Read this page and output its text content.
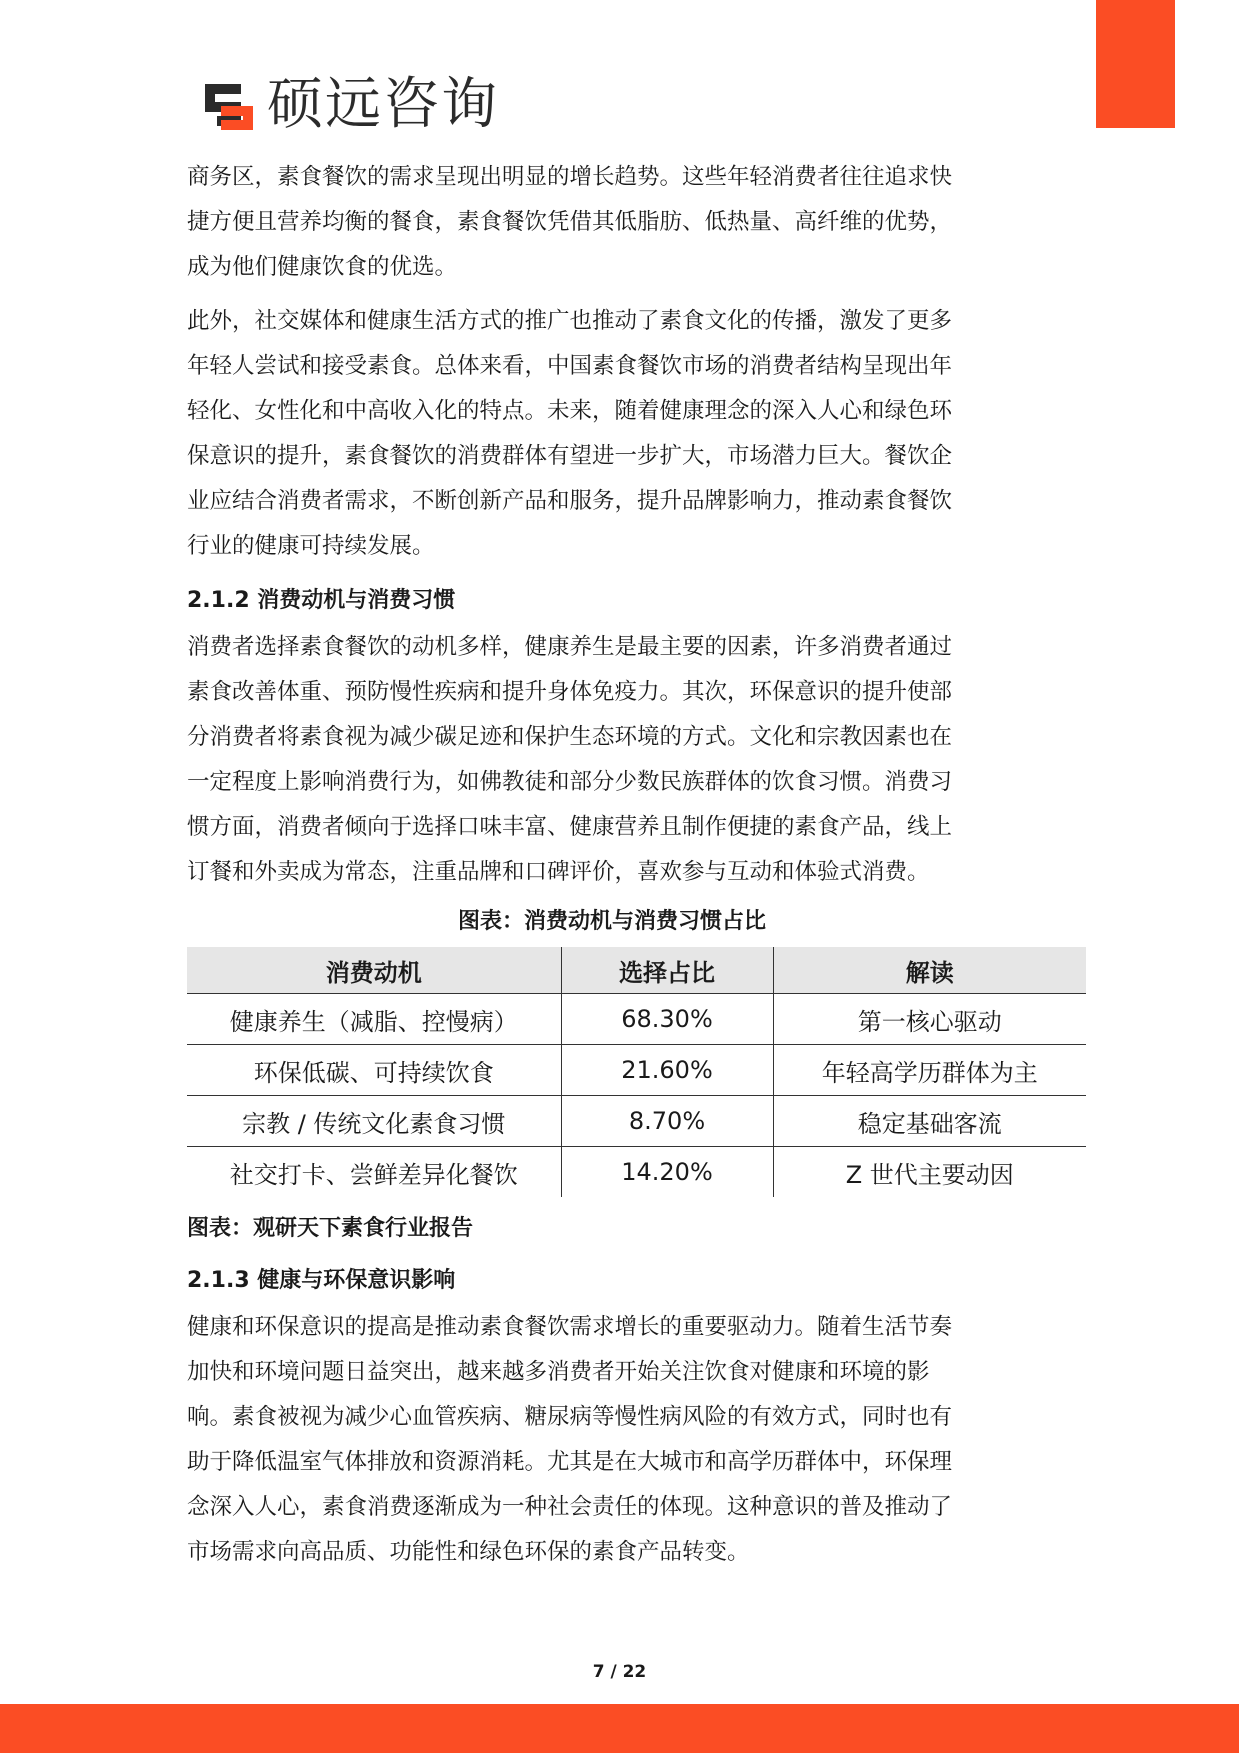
硕远咨询

商务区，素食餐饮的需求呈现出明显的增长趋势。这些年轻消费者往往追求快
捷方便且营养均衡的餐食，素食餐饮凭借其低脂肪、低热量、高纤维的优势，
成为他们健康饮食的优选。

此外，社交媒体和健康生活方式的推广也推动了素食文化的传播，激发了更多
年轻人尝试和接受素食。总体来看，中国素食餐饮市场的消费者结构呈现出年
轻化、女性化和中高收入化的特点。未来，随着健康理念的深入人心和绿色环
保意识的提升，素食餐饮的消费群体有望进一步扩大，市场潜力巨大。餐饮企
业应结合消费者需求，不断创新产品和服务，提升品牌影响力，推动素食餐饮
行业的健康可持续发展。

2.1.2 消费动机与消费习惯

消费者选择素食餐饮的动机多样，健康养生是最主要的因素，许多消费者通过
素食改善体重、预防慢性疾病和提升身体免疫力。其次，环保意识的提升使部
分消费者将素食视为减少碳足迹和保护生态环境的方式。文化和宗教因素也在
一定程度上影响消费行为，如佛教徒和部分少数民族群体的饮食习惯。消费习
惯方面，消费者倾向于选择口味丰富、健康营养且制作便捷的素食产品，线上
订餐和外卖成为常态，注重品牌和口碑评价，喜欢参与互动和体验式消费。

图表：消费动机与消费习惯占比
消费动机	选择占比	解读
健康养生（减脂、控慢病）	68.30%	第一核心驱动
环保低碳、可持续饮食	21.60%	年轻高学历群体为主
宗教 / 传统文化素食习惯	8.70%	稳定基础客流
社交打卡、尝鲜差异化餐饮	14.20%	Z 世代主要动因
图表：观研天下素食行业报告
2.1.3 健康与环保意识影响

健康和环保意识的提高是推动素食餐饮需求增长的重要驱动力。随着生活节奏
加快和环境问题日益突出，越来越多消费者开始关注饮食对健康和环境的影
响。素食被视为减少心血管疾病、糖尿病等慢性病风险的有效方式，同时也有
助于降低温室气体排放和资源消耗。尤其是在大城市和高学历群体中，环保理
念深入人心，素食消费逐渐成为一种社会责任的体现。这种意识的普及推动了
市场需求向高品质、功能性和绿色环保的素食产品转变。

7 / 22
